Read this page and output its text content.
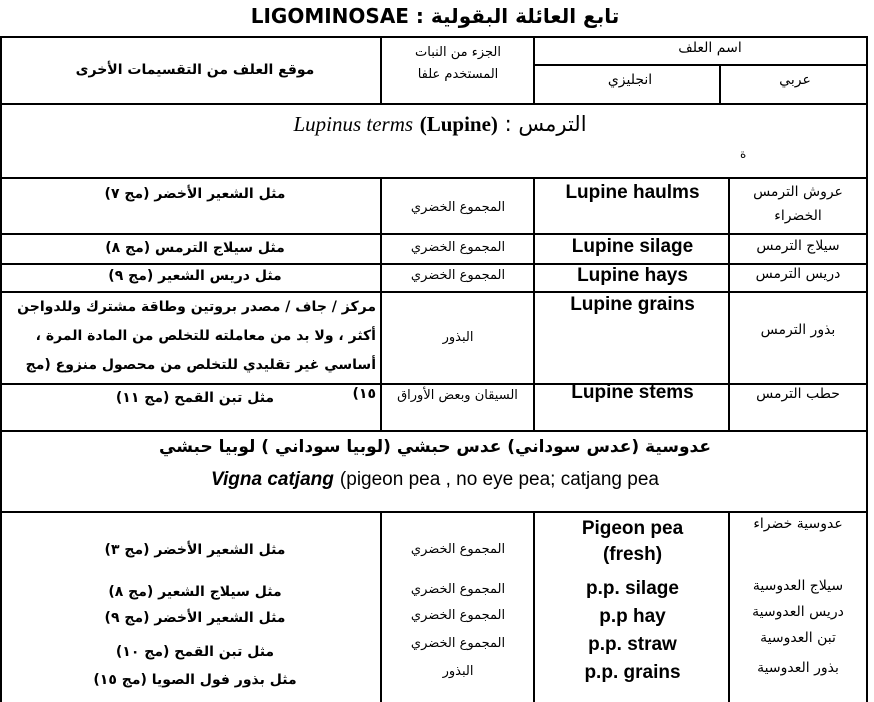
تابع العائلة البقولية : LIGOMINOSAE
اسم العلف
عربي
انجليزي
الجزء من النبات المستخدم علفا
موقع العلف من التقسيمات الأخرى
Lupinus terms (Lupine) الترمس :
ة
عروش الترمس الخضراء
Lupine haulms
المجموع الخضري
مثل الشعير الأخضر (مج ٧)
سيلاج الترمس
Lupine silage
المجموع الخضري
مثل سيلاج الترمس (مج ٨)
دريس الترمس
Lupine hays
المجموع الخضري
مثل دريس الشعير (مج ٩)
بذور الترمس
Lupine grains
البذور
مركز / جاف / مصدر بروتين وطاقة مشترك وللدواجن أكثر ، ولا بد من معاملته للتخلص من المادة المرة ، أساسي غير تقليدي للتخلص من محصول منزوع (مج ١٥)	حطب الترمس
Lupine stems
السيقان وبعض الأوراق
مثل تبن القمح (مج ١١)
عدوسية (عدس سوداني) عدس حبشي (لوبيا سوداني ) لوبيا حبشي
Vigna catjang (pigeon pea , no eye pea; catjang pea
عدوسية خضراء
Pigeon pea (fresh)
المجموع الخضري
مثل الشعير الأخضر (مج ٣)
سيلاج العدوسية
p.p. silage
المجموع الخضري
مثل سيلاج الشعير (مج ٨)
دريس العدوسية
p.p hay
المجموع الخضري
مثل الشعير الأخضر (مج ٩)
تبن العدوسية
p.p. straw
المجموع الخضري
مثل تبن القمح (مج ١٠)
بذور العدوسية
p.p. grains
البذور
مثل بذور فول الصويا (مج ١٥)
